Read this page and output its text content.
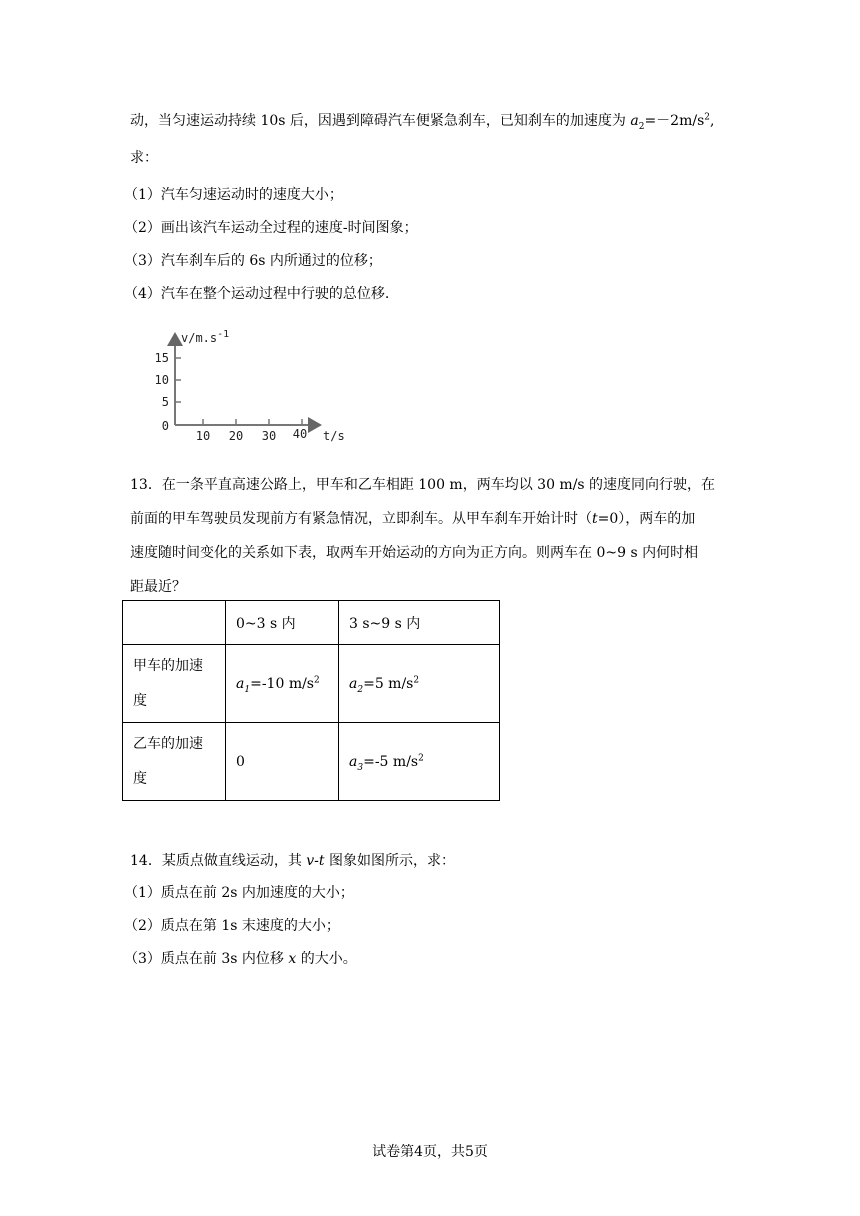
动，当匀速运动持续 10s 后，因遇到障碍汽车便紧急刹车，已知刹车的加速度为 $a_2=-2m/s^2$,
求：
（1）汽车匀速运动时的速度大小；
（2）画出该汽车运动全过程的速度-时间图象；
（3）汽车刹车后的 6s 内所通过的位移；
（4）汽车在整个运动过程中行驶的总位移.
$v/m.s^{-1}$
15
10
5
0
10 20 30 40 t/s
13．在一条平直高速公路上，甲车和乙车相距 100 m，两车均以 30 m/s 的速度同向行驶，在
前面的甲车驾驶员发现前方有紧急情况，立即刹车。从甲车刹车开始计时（t=0），两车的加
速度随时间变化的关系如下表，取两车开始运动的方向为正方向。则两车在 0~9 s 内何时相
距最近？
	0~3 s 内	3 s~9 s 内
甲车的加速度	$a_1=-10$ $m/s^2$	$a_2=5$ $m/s^2$
乙车的加速度	0	$a_3=-5$ $m/s^2$
14．某质点做直线运动，其 v-t 图象如图所示，求：
（1）质点在前 2s 内加速度的大小；
（2）质点在第 1s 末速度的大小；
（3）质点在前 3s 内位移 x 的大小。
试卷第4页，共5页
